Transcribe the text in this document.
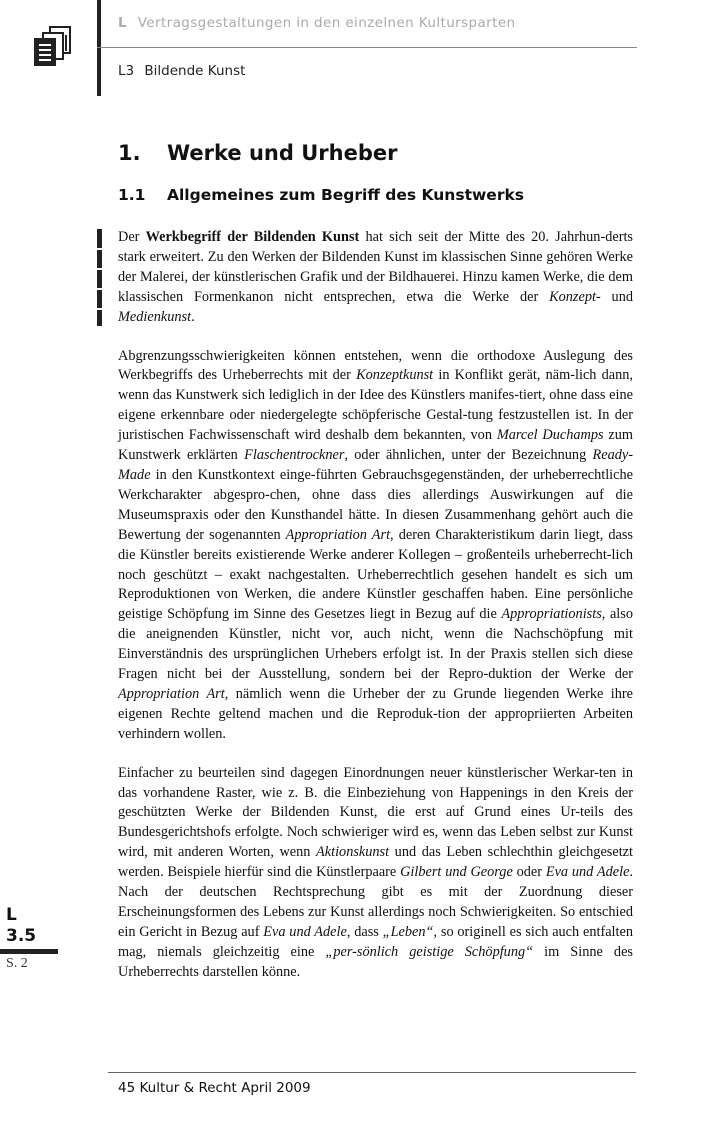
L Vertragsgestaltungen in den einzelnen Kultursparten
L3 Bildende Kunst
1. Werke und Urheber
1.1 Allgemeines zum Begriff des Kunstwerks

Der Werkbegriff der Bildenden Kunst hat sich seit der Mitte des 20. Jahrhun-derts stark erweitert. Zu den Werken der Bildenden Kunst im klassischen Sinne gehören Werke der Malerei, der künstlerischen Grafik und der Bildhauerei. Hinzu kamen Werke, die dem klassischen Formenkanon nicht entsprechen, etwa die Werke der Konzept- und Medienkunst.

Abgrenzungsschwierigkeiten können entstehen, wenn die orthodoxe Auslegung des Werkbegriffs des Urheberrechts mit der Konzeptkunst in Konflikt gerät, näm-lich dann, wenn das Kunstwerk sich lediglich in der Idee des Künstlers manifes-tiert, ohne dass eine eigene erkennbare oder niedergelegte schöpferische Gestal-tung festzustellen ist. In der juristischen Fachwissenschaft wird deshalb dem bekannten, von Marcel Duchamps zum Kunstwerk erklärten Flaschentrockner, oder ähnlichen, unter der Bezeichnung Ready-Made in den Kunstkontext einge-führten Gebrauchsgegenständen, der urheberrechtliche Werkcharakter abgespro-chen, ohne dass dies allerdings Auswirkungen auf die Museumspraxis oder den Kunsthandel hätte. In diesen Zusammenhang gehört auch die Bewertung der sogenannten Appropriation Art, deren Charakteristikum darin liegt, dass die Künstler bereits existierende Werke anderer Kollegen – großenteils urheberrecht-lich noch geschützt – exakt nachgestalten. Urheberrechtlich gesehen handelt es sich um Reproduktionen von Werken, die andere Künstler geschaffen haben. Eine persönliche geistige Schöpfung im Sinne des Gesetzes liegt in Bezug auf die Appropriationists, also die aneignenden Künstler, nicht vor, auch nicht, wenn die Nachschöpfung mit Einverständnis des ursprünglichen Urhebers erfolgt ist. In der Praxis stellen sich diese Fragen nicht bei der Ausstellung, sondern bei der Repro-duktion der Werke der Appropriation Art, nämlich wenn die Urheber der zu Grunde liegenden Werke ihre eigenen Rechte geltend machen und die Reproduk-tion der appropriierten Arbeiten verhindern wollen.

Einfacher zu beurteilen sind dagegen Einordnungen neuer künstlerischer Werkar-ten in das vorhandene Raster, wie z. B. die Einbeziehung von Happenings in den Kreis der geschützten Werke der Bildenden Kunst, die erst auf Grund eines Ur-teils des Bundesgerichtshofs erfolgte. Noch schwieriger wird es, wenn das Leben selbst zur Kunst wird, mit anderen Worten, wenn Aktionskunst und das Leben schlechthin gleichgesetzt werden. Beispiele hierfür sind die Künstlerpaare Gilbert und George oder Eva und Adele. Nach der deutschen Rechtsprechung gibt es mit der Zuordnung dieser Erscheinungsformen des Lebens zur Kunst allerdings noch Schwierigkeiten. So entschied ein Gericht in Bezug auf Eva und Adele, dass „Leben“, so originell es sich auch entfalten mag, niemals gleichzeitig eine „per-sönlich geistige Schöpfung“ im Sinne des Urheberrechts darstellen könne.

L
3.5
S. 2
45 Kultur & Recht April 2009
